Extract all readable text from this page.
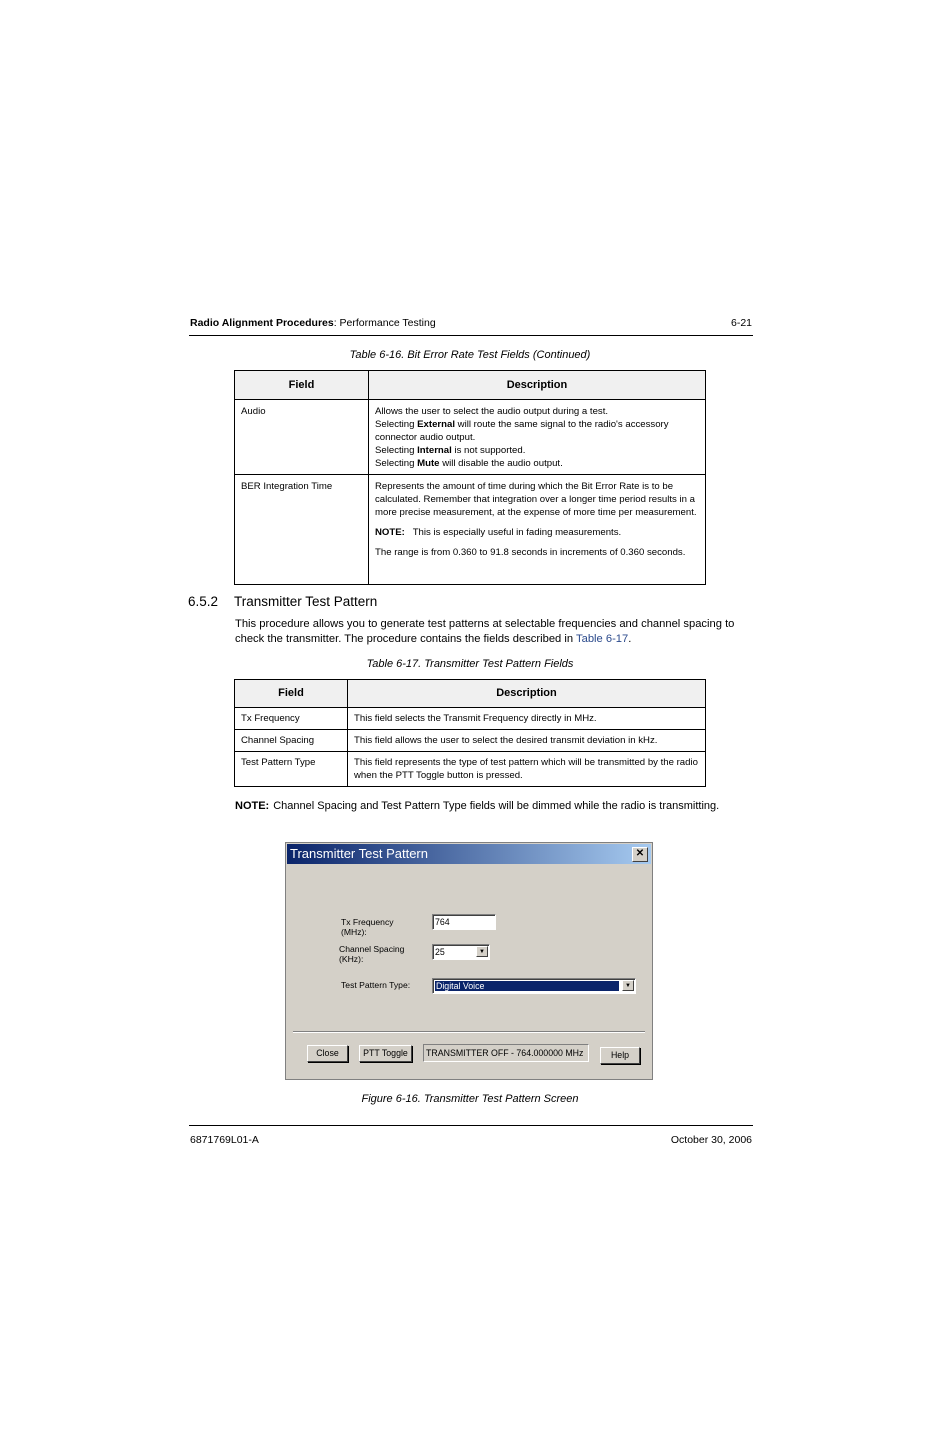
Radio Alignment Procedures: Performance Testing	6-21
Table 6-16. Bit Error Rate Test Fields (Continued)
Field	Description
Audio	Allows the user to select the audio output during a test.
Selecting External will route the same signal to the radio's accessory connector audio output.
Selecting Internal is not supported.
Selecting Mute will disable the audio output.

BER Integration Time	Represents the amount of time during which the Bit Error Rate is to be calculated. Remember that integration over a longer time period results in a more precise measurement, at the expense of more time per measurement.
NOTE: This is especially useful in fading measurements.
The range is from 0.360 to 91.8 seconds in increments of 0.360 seconds.
6.5.2 Transmitter Test Pattern
This procedure allows you to generate test patterns at selectable frequencies and channel spacing to check the transmitter. The procedure contains the fields described in Table 6-17.
Table 6-17. Transmitter Test Pattern Fields
Field	Description
Tx Frequency	This field selects the Transmit Frequency directly in MHz.
Channel Spacing	This field allows the user to select the desired transmit deviation in kHz.
Test Pattern Type	This field represents the type of test pattern which will be transmitted by the radio when the PTT Toggle button is pressed.
NOTE: Channel Spacing and Test Pattern Type fields will be dimmed while the radio is transmitting.
Transmitter Test Pattern	✕
Tx Frequency
(MHz):
764
Channel Spacing
(KHz):
25	▼
Test Pattern Type:	Digital Voice	▼
Close	PTT Toggle	TRANSMITTER OFF - 764.000000 MHz	Help
Figure 6-16. Transmitter Test Pattern Screen
6871769L01-A	October 30, 2006
